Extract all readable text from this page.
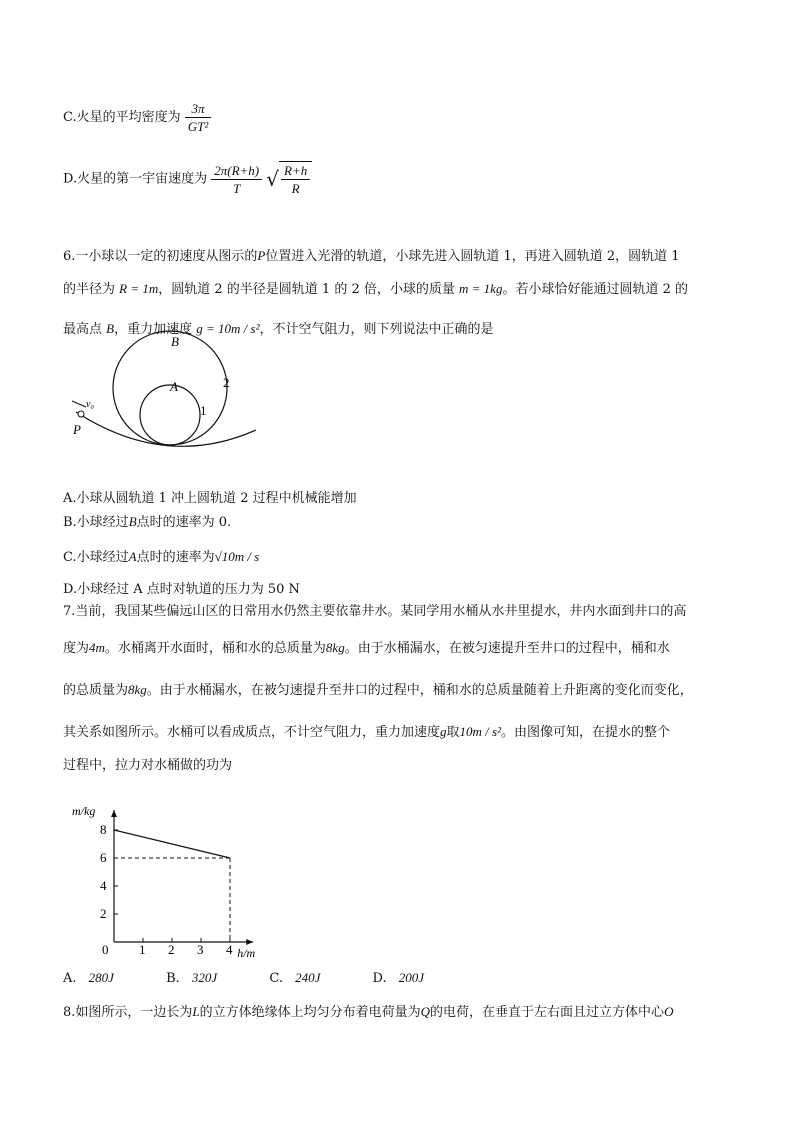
C.火星的平均密度为 $\frac{3\pi}{\text{GT²}}$
D.火星的第一宇宙速度为 $\frac{2\pi(R+h)}{T}$ √ $\frac{R+h}{R}$
6.一小球以一定的初速度从图示的P位置进入光滑的轨道，小球先进入圆轨道 1，再进入圆轨道 2，圆轨道 1
的半径为 R = 1m，圆轨道 2 的半径是圆轨道 1 的 2 倍，小球的质量 m = 1kg。若小球恰好能通过圆轨道 2 的
最高点 B，重力加速度 g = 10m / s²，不计空气阻力，则下列说法中正确的是
B
A
1
2
P
v₀
A.小球从圆轨道 1 冲上圆轨道 2 过程中机械能增加
B.小球经过B点时的速率为 0.
C.小球经过A点时的速率为√10m / s
D.小球经过 A 点时对轨道的压力为 50 N
7.当前，我国某些偏远山区的日常用水仍然主要依靠井水。某同学用水桶从水井里提水，井内水面到井口的高
度为4m。水桶离开水面时，桶和水的总质量为8kg。由于水桶漏水，在被匀速提升至井口的过程中，桶和水
的总质量为8kg。由于水桶漏水，在被匀速提升至井口的过程中，桶和水的总质量随着上升距离的变化而变化，
其关系如图所示。水桶可以看成质点，不计空气阻力，重力加速度g取10m / s²。由图像可知，在提水的整个
过程中，拉力对水桶做的功为
0 1 2 3 4
2
4
6
8
m/kg
h/m
A. 280J	B. 320J	C. 240J	D. 200J
8.如图所示，一边长为L的立方体绝缘体上均匀分布着电荷量为Q的电荷，在垂直于左右面且过立方体中心O
